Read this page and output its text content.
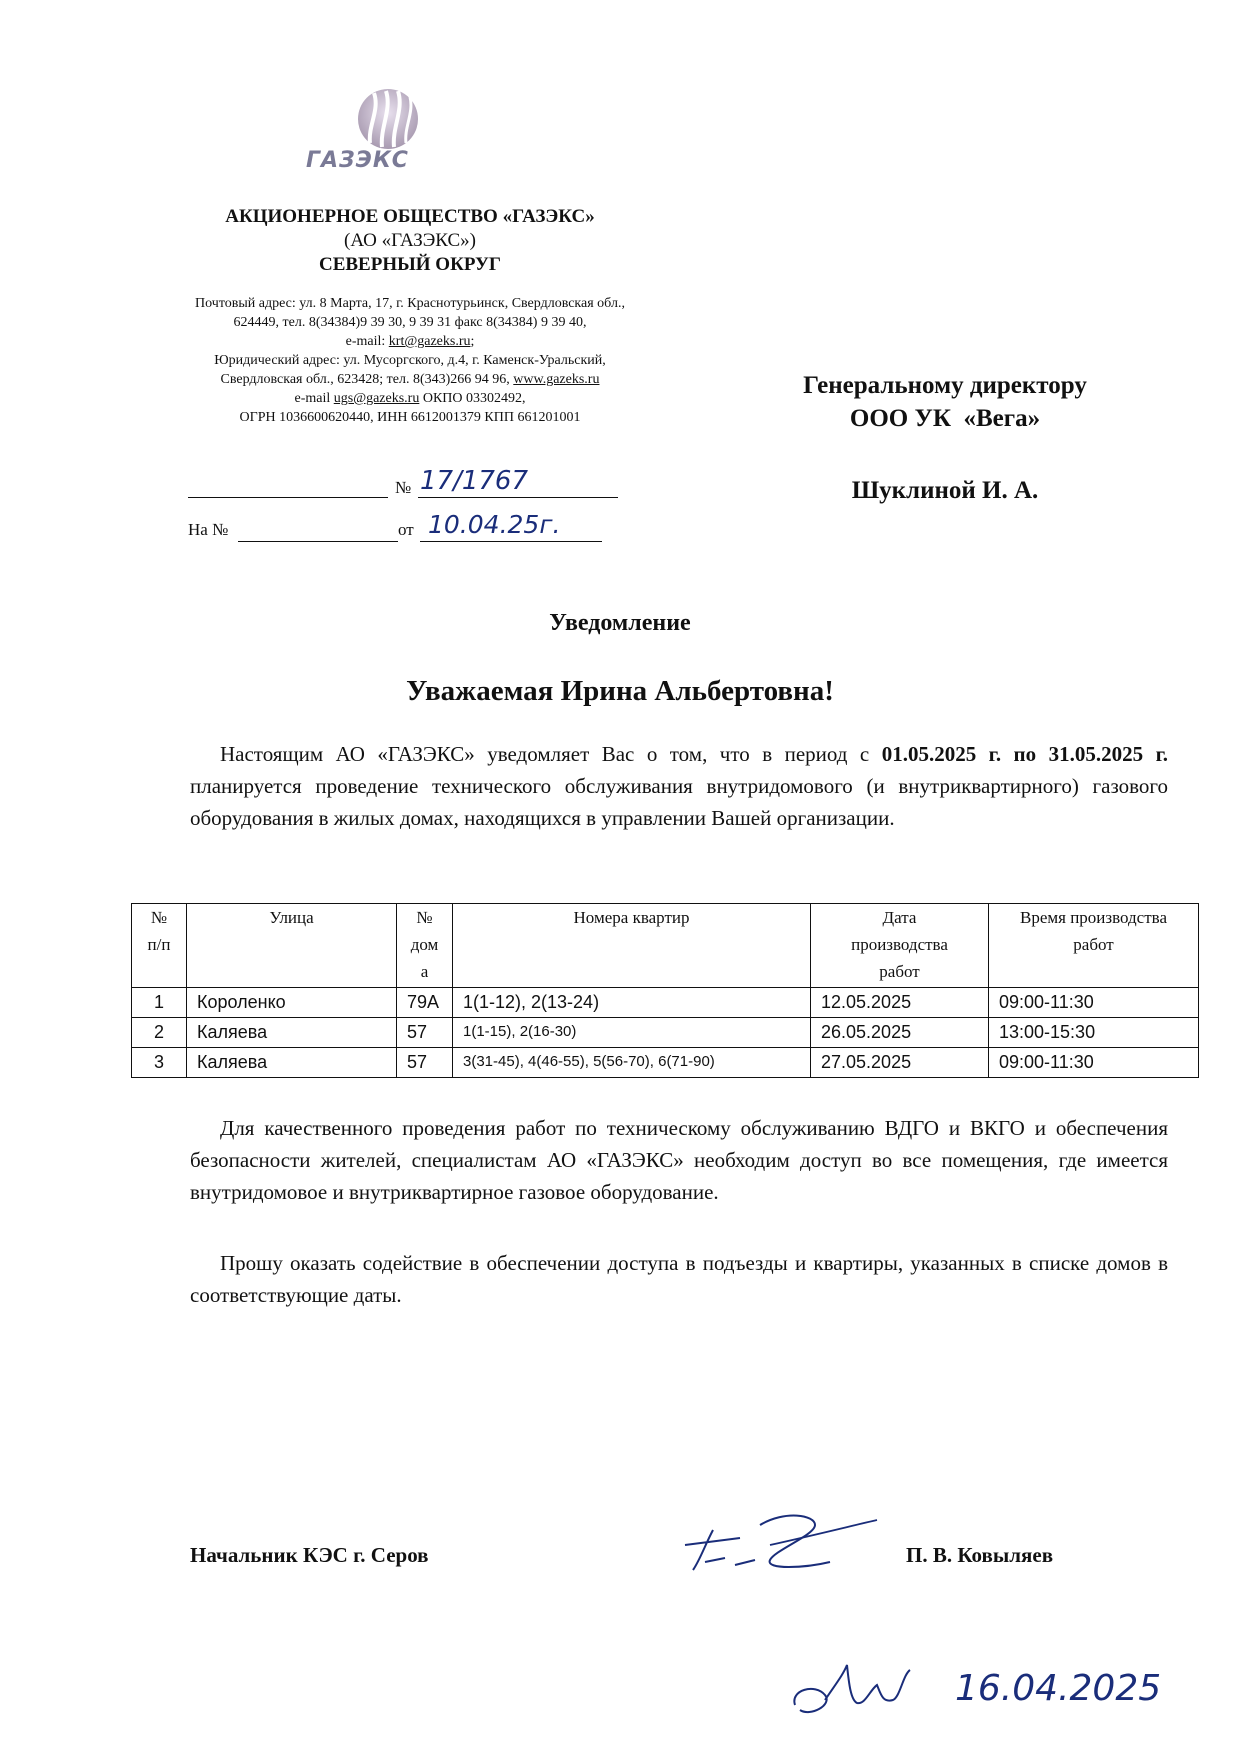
ГАЗЭКС
АКЦИОНЕРНОЕ ОБЩЕСТВО «ГАЗЭКС»
(АО «ГАЗЭКС»)
СЕВЕРНЫЙ ОКРУГ
Почтовый адрес: ул. 8 Марта, 17, г. Краснотурьинск, Свердловская обл.,
624449, тел. 8(34384)9 39 30, 9 39 31 факс 8(34384) 9 39 40,
e-mail: krt@gazeks.ru;
Юридический адрес: ул. Мусоргского, д.4, г. Каменск-Уральский,
Свердловская обл., 623428; тел. 8(343)266 94 96, www.gazeks.ru
e-mail ugs@gazeks.ru ОКПО 03302492,
ОГРН 1036600620440, ИНН 6612001379 КПП 661201001
№ 17/1767
На №	от 10.04.25г.
Генеральному директору
ООО УК  «Вега»
Шуклиной И. А.
Уведомление
Уважаемая Ирина Альбертовна!
Настоящим АО «ГАЗЭКС» уведомляет Вас о том, что в период с 01.05.2025 г. по 31.05.2025 г. планируется проведение технического обслуживания внутридомового (и внутриквартирного) газового оборудования в жилых домах, находящихся в управлении Вашей организации.
№
п/п	Улица	№
дом
а	Номера квартир	Дата
производства
работ	Время производства
работ
1	Короленко	79А	1(1-12), 2(13-24)	12.05.2025	09:00-11:30
2	Каляева	57	1(1-15), 2(16-30)	26.05.2025	13:00-15:30
3	Каляева	57	3(31-45), 4(46-55), 5(56-70), 6(71-90)	27.05.2025	09:00-11:30
Для качественного проведения работ по техническому обслуживанию ВДГО и ВКГО и обеспечения безопасности жителей, специалистам АО «ГАЗЭКС» необходим доступ во все помещения, где имеется внутридомовое и внутриквартирное газовое оборудование.
Прошу оказать содействие в обеспечении доступа в подъезды и квартиры, указанных в списке домов в соответствующие даты.
Начальник КЭС г. Серов	П. В. Ковыляев
16.04.2025
